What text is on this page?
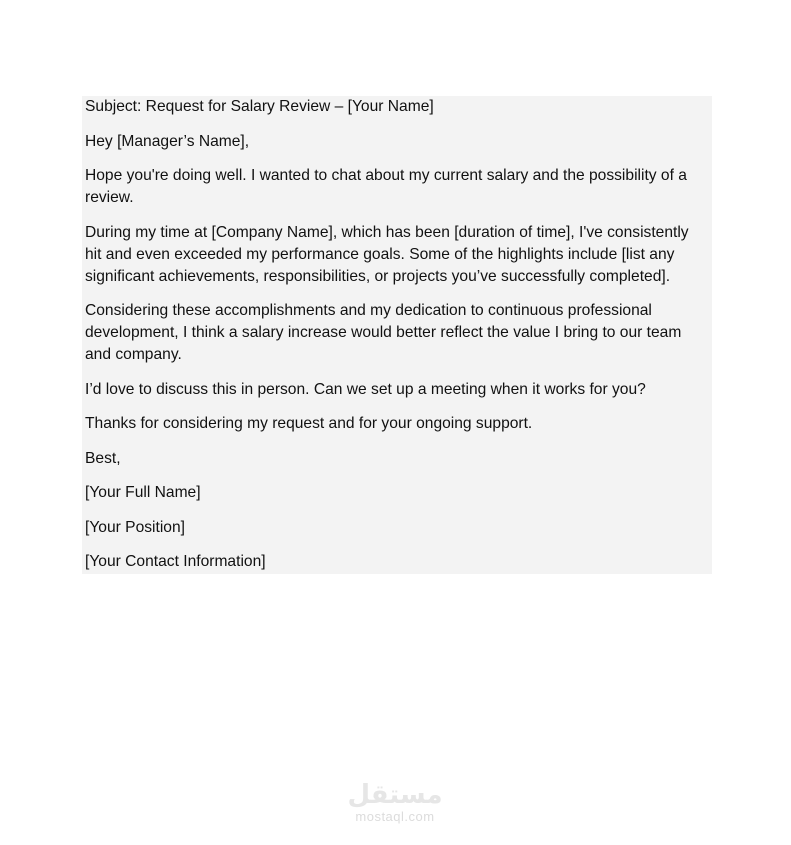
Subject: Request for Salary Review – [Your Name]

Hey [Manager’s Name],

Hope you're doing well. I wanted to chat about my current salary and the possibility of a review.

During my time at [Company Name], which has been [duration of time], I've consistently hit and even exceeded my performance goals. Some of the highlights include [list any significant achievements, responsibilities, or projects you’ve successfully completed].

Considering these accomplishments and my dedication to continuous professional development, I think a salary increase would better reflect the value I bring to our team and company.

I’d love to discuss this in person. Can we set up a meeting when it works for you?

Thanks for considering my request and for your ongoing support.

Best,

[Your Full Name]

[Your Position]

[Your Contact Information]

مستقل
mostaql.com
